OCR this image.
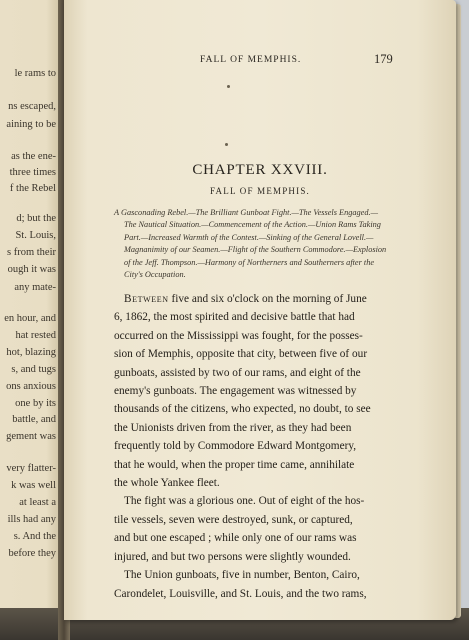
le rams to
ns escaped,
aining to be
as the ene-
three times
f the Rebel
d; but the
St. Louis,
s from their
ough it was
any mate-
en hour, and
hat rested
hot, blazing
s, and tugs
ons anxious
one by its
battle, and
gement was
very flatter-
k was well
at least a
ills had any
s. And the
before they
FALL OF MEMPHIS.	179
CHAPTER XXVIII.
FALL OF MEMPHIS.
A Gasconading Rebel.—The Brilliant Gunboat Fight.—The Vessels Engaged.—
The Nautical Situation.—Commencement of the Action.—Union Rams Taking
Part.—Increased Warmth of the Contest.—Sinking of the General Lovell.—
Magnanimity of our Seamen.—Flight of the Southern Commodore.—Explosion
of the Jeff. Thompson.—Harmony of Northerners and Southerners after the
City's Occupation.
Between five and six o'clock on the morning of June
6, 1862, the most spirited and decisive battle that had
occurred on the Mississippi was fought, for the posses-
sion of Memphis, opposite that city, between five of our
gunboats, assisted by two of our rams, and eight of the
enemy's gunboats. The engagement was witnessed by
thousands of the citizens, who expected, no doubt, to see
the Unionists driven from the river, as they had been
frequently told by Commodore Edward Montgomery,
that he would, when the proper time came, annihilate
the whole Yankee fleet.
The fight was a glorious one. Out of eight of the hos-
tile vessels, seven were destroyed, sunk, or captured,
and but one escaped ; while only one of our rams was
injured, and but two persons were slightly wounded.
The Union gunboats, five in number, Benton, Cairo,
Carondelet, Louisville, and St. Louis, and the two rams,
